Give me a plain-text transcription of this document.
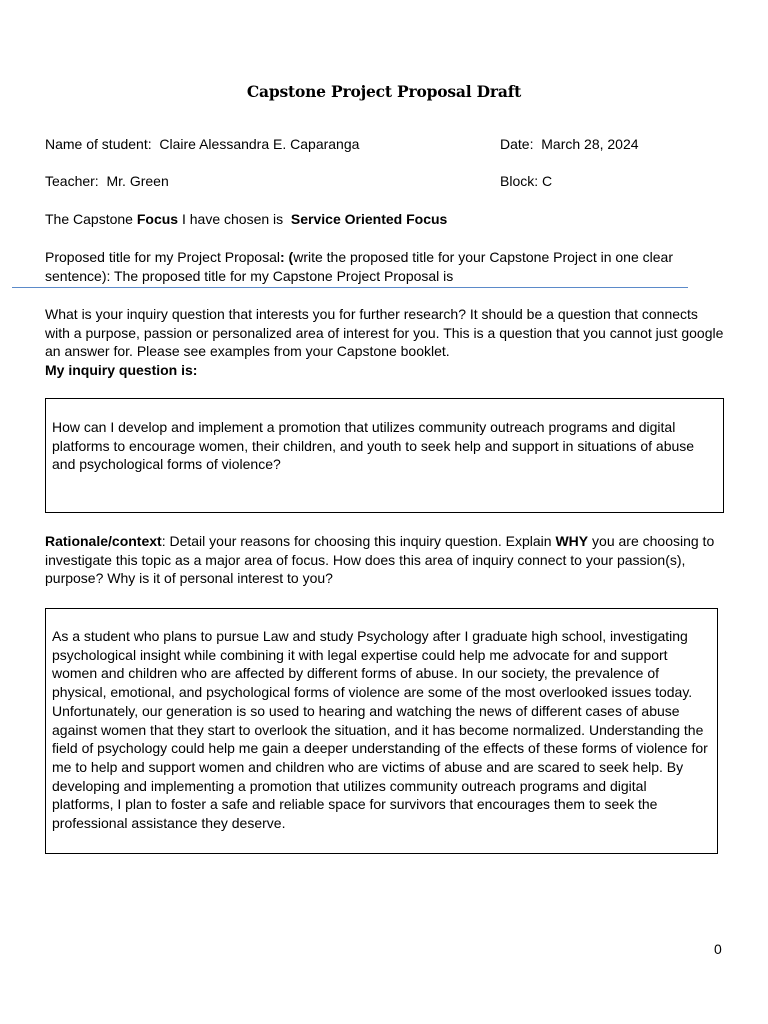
Capstone Project Proposal Draft
Name of student: Claire Alessandra E. Caparanga	Date: March 28, 2024
Teacher: Mr. Green	Block: C
The Capstone Focus I have chosen is Service Oriented Focus
Proposed title for my Project Proposal: (write the proposed title for your Capstone Project in one clear sentence): The proposed title for my Capstone Project Proposal is
What is your inquiry question that interests you for further research? It should be a question that connects with a purpose, passion or personalized area of interest for you. This is a question that you cannot just google an answer for. Please see examples from your Capstone booklet.
My inquiry question is:
How can I develop and implement a promotion that utilizes community outreach programs and digital platforms to encourage women, their children, and youth to seek help and support in situations of abuse and psychological forms of violence?
Rationale/context: Detail your reasons for choosing this inquiry question. Explain WHY you are choosing to investigate this topic as a major area of focus. How does this area of inquiry connect to your passion(s), purpose? Why is it of personal interest to you?
As a student who plans to pursue Law and study Psychology after I graduate high school, investigating psychological insight while combining it with legal expertise could help me advocate for and support women and children who are affected by different forms of abuse. In our society, the prevalence of physical, emotional, and psychological forms of violence are some of the most overlooked issues today. Unfortunately, our generation is so used to hearing and watching the news of different cases of abuse against women that they start to overlook the situation, and it has become normalized. Understanding the field of psychology could help me gain a deeper understanding of the effects of these forms of violence for me to help and support women and children who are victims of abuse and are scared to seek help. By developing and implementing a promotion that utilizes community outreach programs and digital platforms, I plan to foster a safe and reliable space for survivors that encourages them to seek the professional assistance they deserve.
0
